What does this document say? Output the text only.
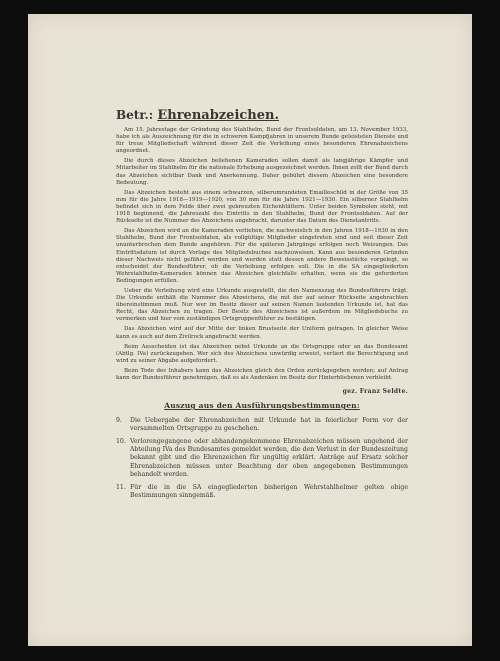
Betr.: Ehrenabzeichen.

Am 15. Jahrestage der Gründung des Stahlhelm, Bund der Frontsoldaten, am 13. November 1933, habe ich als Auszeichnung für die in schweren Kampfjahren in unserem Bunde geleisteten Dienste und für treue Mitgliedschaft während dieser Zeit die Verleihung eines besonderen Ehrenabzeichens angeordnet.

Die durch dieses Abzeichen beliehenen Kameraden sollen damit als langjährige Kämpfer und Mitarbeiter im Stahlhelm für die nationale Erhebung ausgezeichnet werden. Ihnen zollt der Bund durch das Abzeichen sichtbar Dank und Anerkennung. Daher gebührt diesem Abzeichen eine besondere Bedeutung.

Das Abzeichen besteht aus einem schwarzen, silberumrandeten Emailleschild in der Größe von 35 mm für die Jahre 1918—1919—1920, von 30 mm für die Jahre 1921—1930. Ein silberner Stahlhelm befindet sich in dem Felde über zwei gekreuzten Eichenblättern. Unter beiden Symbolen steht, mit 1918 beginnend, die Jahreszahl des Eintritts in den Stahlhelm, Bund der Frontsoldaten. Auf der Rückseite ist die Nummer des Abzeichens angebracht, darunter das Datum des Dienstantritts.

Das Abzeichen wird an die Kameraden verliehen, die nachweislich in den Jahren 1918—1930 in den Stahlhelm, Bund der Frontsoldaten, als vollgültige Mitglieder eingetreten sind und seit dieser Zeit ununterbrochen dem Bunde angehören. Für die späteren Jahrgänge erfolgen noch Weisungen. Das Eintrittsdatum ist durch Vorlage des Mitgliedsbuches nachzuweisen. Kann aus besonderen Gründen dieser Nachweis nicht geführt werden und werden statt dessen andere Beweisstücke vorgelegt, so entscheidet der Bundesführer, ob die Verleihung erfolgen soll. Die in die SA eingegliederten Wehrstahlhelm-Kameraden können das Abzeichen gleichfalls erhalten, wenn sie die geforderten Bedingungen erfüllen.

Ueber die Verleihung wird eine Urkunde ausgestellt, die den Namenszug des Bundesführers trägt. Die Urkunde enthält die Nummer des Abzeichens, die mit der auf seiner Rückseite angebrachten übereinstimmen muß. Nur wer im Besitz dieser auf seinen Namen lautenden Urkunde ist, hat das Recht, das Abzeichen zu tragen. Der Besitz des Abzeichens ist außerdem im Mitgliedsbuche zu vermerken und hier vom zuständigen Ortsgruppenführer zu bestätigen.

Das Abzeichen wird auf der Mitte der linken Brustseite der Uniform getragen. In gleicher Weise kann es auch auf dem Zivilrock angebracht werden.

Beim Ausscheiden ist das Abzeichen nebst Urkunde an die Ortsgruppe oder an das Bundesamt (Abtlg. IVa) zurückzugeben. Wer sich des Abzeichens unwürdig erweist, verliert die Berechtigung und wird zu seiner Abgabe aufgefordert.

Beim Tode des Inhabers kann das Abzeichen gleich den Orden zurückgegeben werden; auf Antrag kann der Bundesführer genehmigen, daß es als Andenken im Besitz der Hinterbliebenen verbleibt.

gez. Franz Seldte.
Auszug aus den Ausführungsbestimmungen:
9.	Die Uebergabe der Ehrenabzeichen mit Urkunde hat in feierlicher Form vor der versammelten Ortsgruppe zu geschehen.
10. Verlorengegangene oder abhandengekommene Ehrenabzeichen müssen ungehend der Abteilung IVa des Bundesamtes gemeldet werden, die den Verlust in der Bundeszeitung bekannt gibt und die Ehrenzeichen für ungültig erklärt. Anträge auf Ersatz solcher Ehrenabzeichen müssen unter Beachtung der oben angegebenen Bestimmungen behandelt werden.
11. Für die in die SA eingegliederten bisherigen Wehrstahlhelmer gelten obige Bestimmungen sinngemäß.
